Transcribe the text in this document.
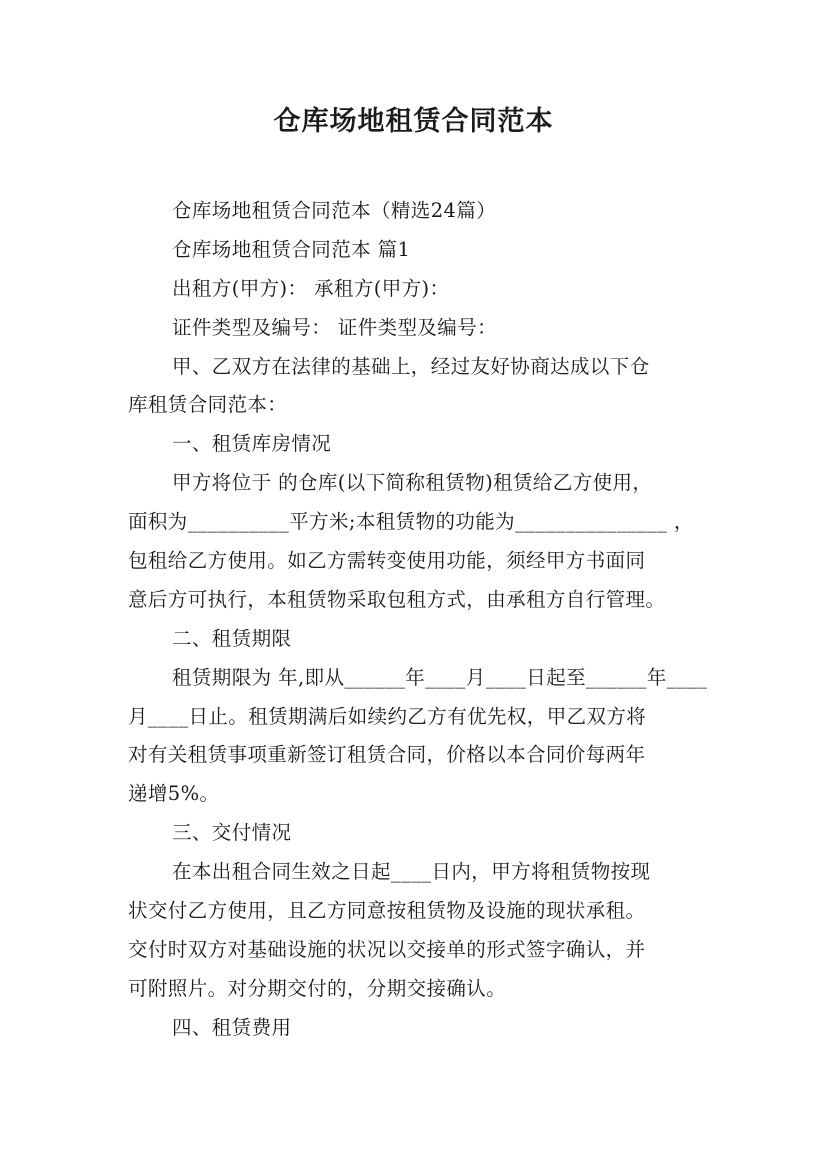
仓库场地租赁合同范本
仓库场地租赁合同范本（精选24篇）
仓库场地租赁合同范本 篇1
出租方(甲方)： 承租方(甲方)：
证件类型及编号： 证件类型及编号：
甲、乙双方在法律的基础上，经过友好协商达成以下仓
库租赁合同范本：
一、租赁库房情况
甲方将位于 的仓库(以下简称租赁物)租赁给乙方使用，
面积为__________平方米;本租赁物的功能为_______________ ，
包租给乙方使用。如乙方需转变使用功能，须经甲方书面同
意后方可执行，本租赁物采取包租方式，由承租方自行管理。
二、租赁期限
租赁期限为 年,即从______年____月____日起至______年____
月____日止。租赁期满后如续约乙方有优先权，甲乙双方将
对有关租赁事项重新签订租赁合同，价格以本合同价每两年
递增5%。
三、交付情况
在本出租合同生效之日起____日内，甲方将租赁物按现
状交付乙方使用，且乙方同意按租赁物及设施的现状承租。
交付时双方对基础设施的状况以交接单的形式签字确认，并
可附照片。对分期交付的，分期交接确认。
四、租赁费用
